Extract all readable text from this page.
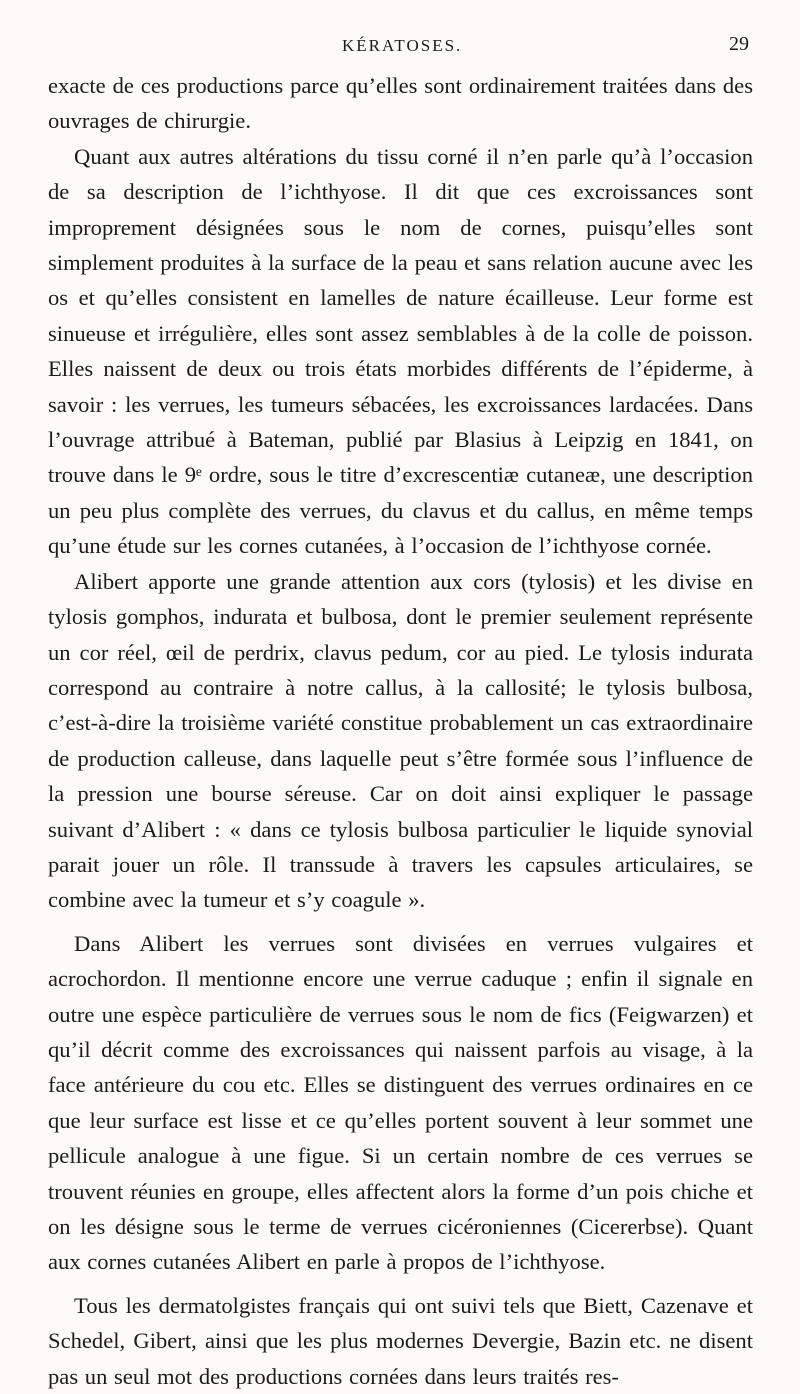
KÉRATOSES.	29

exacte de ces productions parce qu’elles sont ordinairement traitées dans des ouvrages de chirurgie.

Quant aux autres altérations du tissu corné il n’en parle qu’à l’occasion de sa description de l’ichthyose. Il dit que ces excroissances sont improprement désignées sous le nom de cornes, puisqu’elles sont simplement produites à la surface de la peau et sans relation aucune avec les os et qu’elles consistent en lamelles de nature écailleuse. Leur forme est sinueuse et irrégulière, elles sont assez semblables à de la colle de poisson. Elles naissent de deux ou trois états morbides différents de l’épiderme, à savoir : les verrues, les tumeurs sébacées, les excroissances lardacées. Dans l’ouvrage attribué à Bateman, publié par Blasius à Leipzig en 1841, on trouve dans le 9ᵉ ordre, sous le titre d’excrescentiæ cutaneæ, une description un peu plus complète des verrues, du clavus et du callus, en même temps qu’une étude sur les cornes cutanées, à l’occasion de l’ichthyose cornée.

Alibert apporte une grande attention aux cors (tylosis) et les divise en tylosis gomphos, indurata et bulbosa, dont le premier seulement représente un cor réel, œil de perdrix, clavus pedum, cor au pied. Le tylosis indurata correspond au contraire à notre callus, à la callosité; le tylosis bulbosa, c’est-à-dire la troisième variété constitue probablement un cas extraordinaire de production calleuse, dans laquelle peut s’être formée sous l’influence de la pression une bourse séreuse. Car on doit ainsi expliquer le passage suivant d’Alibert : « dans ce tylosis bulbosa particulier le liquide synovial parait jouer un rôle. Il transsude à travers les capsules articulaires, se combine avec la tumeur et s’y coagule ».

Dans Alibert les verrues sont divisées en verrues vulgaires et acrochordon. Il mentionne encore une verrue caduque ; enfin il signale en outre une espèce particulière de verrues sous le nom de fics (Feigwarzen) et qu’il décrit comme des excroissances qui naissent parfois au visage, à la face antérieure du cou etc. Elles se distinguent des verrues ordinaires en ce que leur surface est lisse et ce qu’elles portent souvent à leur sommet une pellicule analogue à une figue. Si un certain nombre de ces verrues se trouvent réunies en groupe, elles affectent alors la forme d’un pois chiche et on les désigne sous le terme de verrues cicéroniennes (Cicererbse). Quant aux cornes cutanées Alibert en parle à propos de l’ichthyose.

Tous les dermatolgistes français qui ont suivi tels que Biett, Cazenave et Schedel, Gibert, ainsi que les plus modernes Devergie, Bazin etc. ne disent pas un seul mot des productions cornées dans leurs traités res-
